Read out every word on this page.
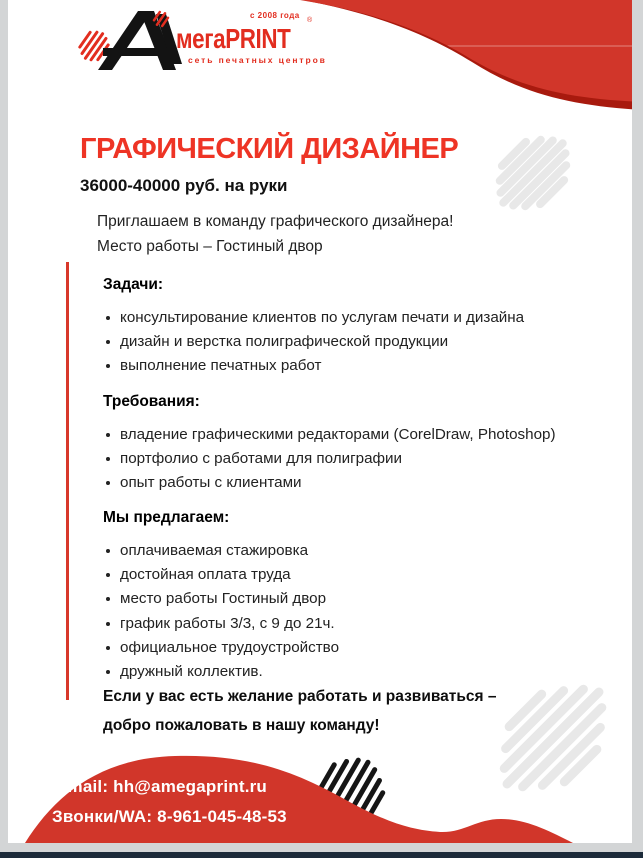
с 2008 года
®
мегаPRINT
сеть печатных центров
ГРАФИЧЕСКИЙ ДИЗАЙНЕР
36000-40000 руб. на руки
Приглашаем в команду графического дизайнера!
Место работы – Гостиный двор
Задачи:
консультирование клиентов по услугам печати и дизайна
дизайн и верстка полиграфической продукции
выполнение печатных работ
Требования:
владение графическими редакторами (CorelDraw, Photoshop)
портфолио с работами для полиграфии
опыт работы с клиентами
Мы предлагаем:
оплачиваемая стажировка
достойная оплата труда
место работы Гостиный двор
график работы 3/3, с 9 до 21ч.
официальное трудоустройство
дружный коллектив.
Если у вас есть желание работать и развиваться –
добро пожаловать в нашу команду!
e-mail: hh@amegaprint.ru
Звонки/WA: 8-961-045-48-53
